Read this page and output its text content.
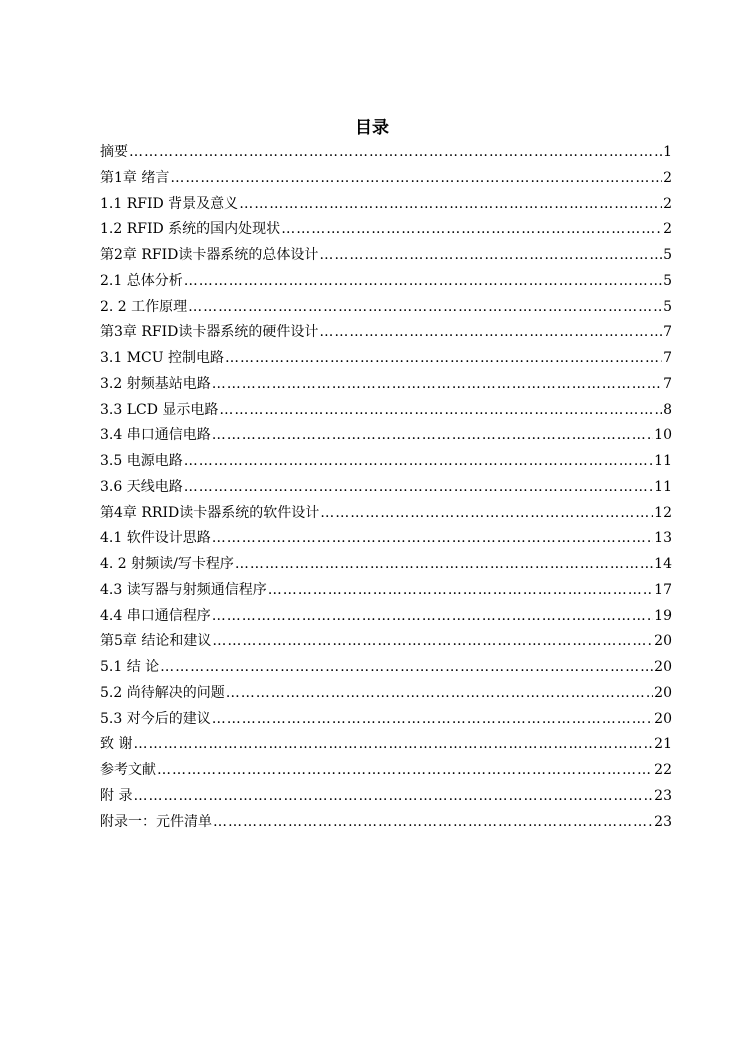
目录
摘要 ……………………………………………………………………………………………………………………………………………………………………	1
第1章 绪言 ……………………………………………………………………………………………………………………………………………………………………	2
1.1 RFID 背景及意义 ……………………………………………………………………………………………………………………………………………………………………	2
1.2 RFID 系统的国内处现状 ……………………………………………………………………………………………………………………………………………………………………	2
第2章 RFID读卡器系统的总体设计 ……………………………………………………………………………………………………………………………………………………………………	5
2.1 总体分析 ……………………………………………………………………………………………………………………………………………………………………	5
2. 2 工作原理 ……………………………………………………………………………………………………………………………………………………………………	5
第3章 RFID读卡器系统的硬件设计 ……………………………………………………………………………………………………………………………………………………………………	7
3.1 MCU 控制电路 ……………………………………………………………………………………………………………………………………………………………………	7
3.2 射频基站电路 ……………………………………………………………………………………………………………………………………………………………………	7
3.3 LCD 显示电路 ……………………………………………………………………………………………………………………………………………………………………	8
3.4 串口通信电路 ……………………………………………………………………………………………………………………………………………………………………	10
3.5 电源电路 ……………………………………………………………………………………………………………………………………………………………………	11
3.6 天线电路 ……………………………………………………………………………………………………………………………………………………………………	11
第4章 RRID读卡器系统的软件设计 ……………………………………………………………………………………………………………………………………………………………………	12
4.1 软件设计思路 ……………………………………………………………………………………………………………………………………………………………………	13
4. 2 射频读/写卡程序 ……………………………………………………………………………………………………………………………………………………………………	14
4.3 读写器与射频通信程序 ……………………………………………………………………………………………………………………………………………………………………	17
4.4 串口通信程序 ……………………………………………………………………………………………………………………………………………………………………	19
第5章 结论和建议 ……………………………………………………………………………………………………………………………………………………………………	20
5.1 结 论 ……………………………………………………………………………………………………………………………………………………………………	20
5.2 尚待解决的问题 ……………………………………………………………………………………………………………………………………………………………………	20
5.3 对今后的建议 ……………………………………………………………………………………………………………………………………………………………………	20
致 谢 ……………………………………………………………………………………………………………………………………………………………………	21
参考文献 ……………………………………………………………………………………………………………………………………………………………………	22
附 录 ……………………………………………………………………………………………………………………………………………………………………	23
附录一：元件清单 ……………………………………………………………………………………………………………………………………………………………………	23
